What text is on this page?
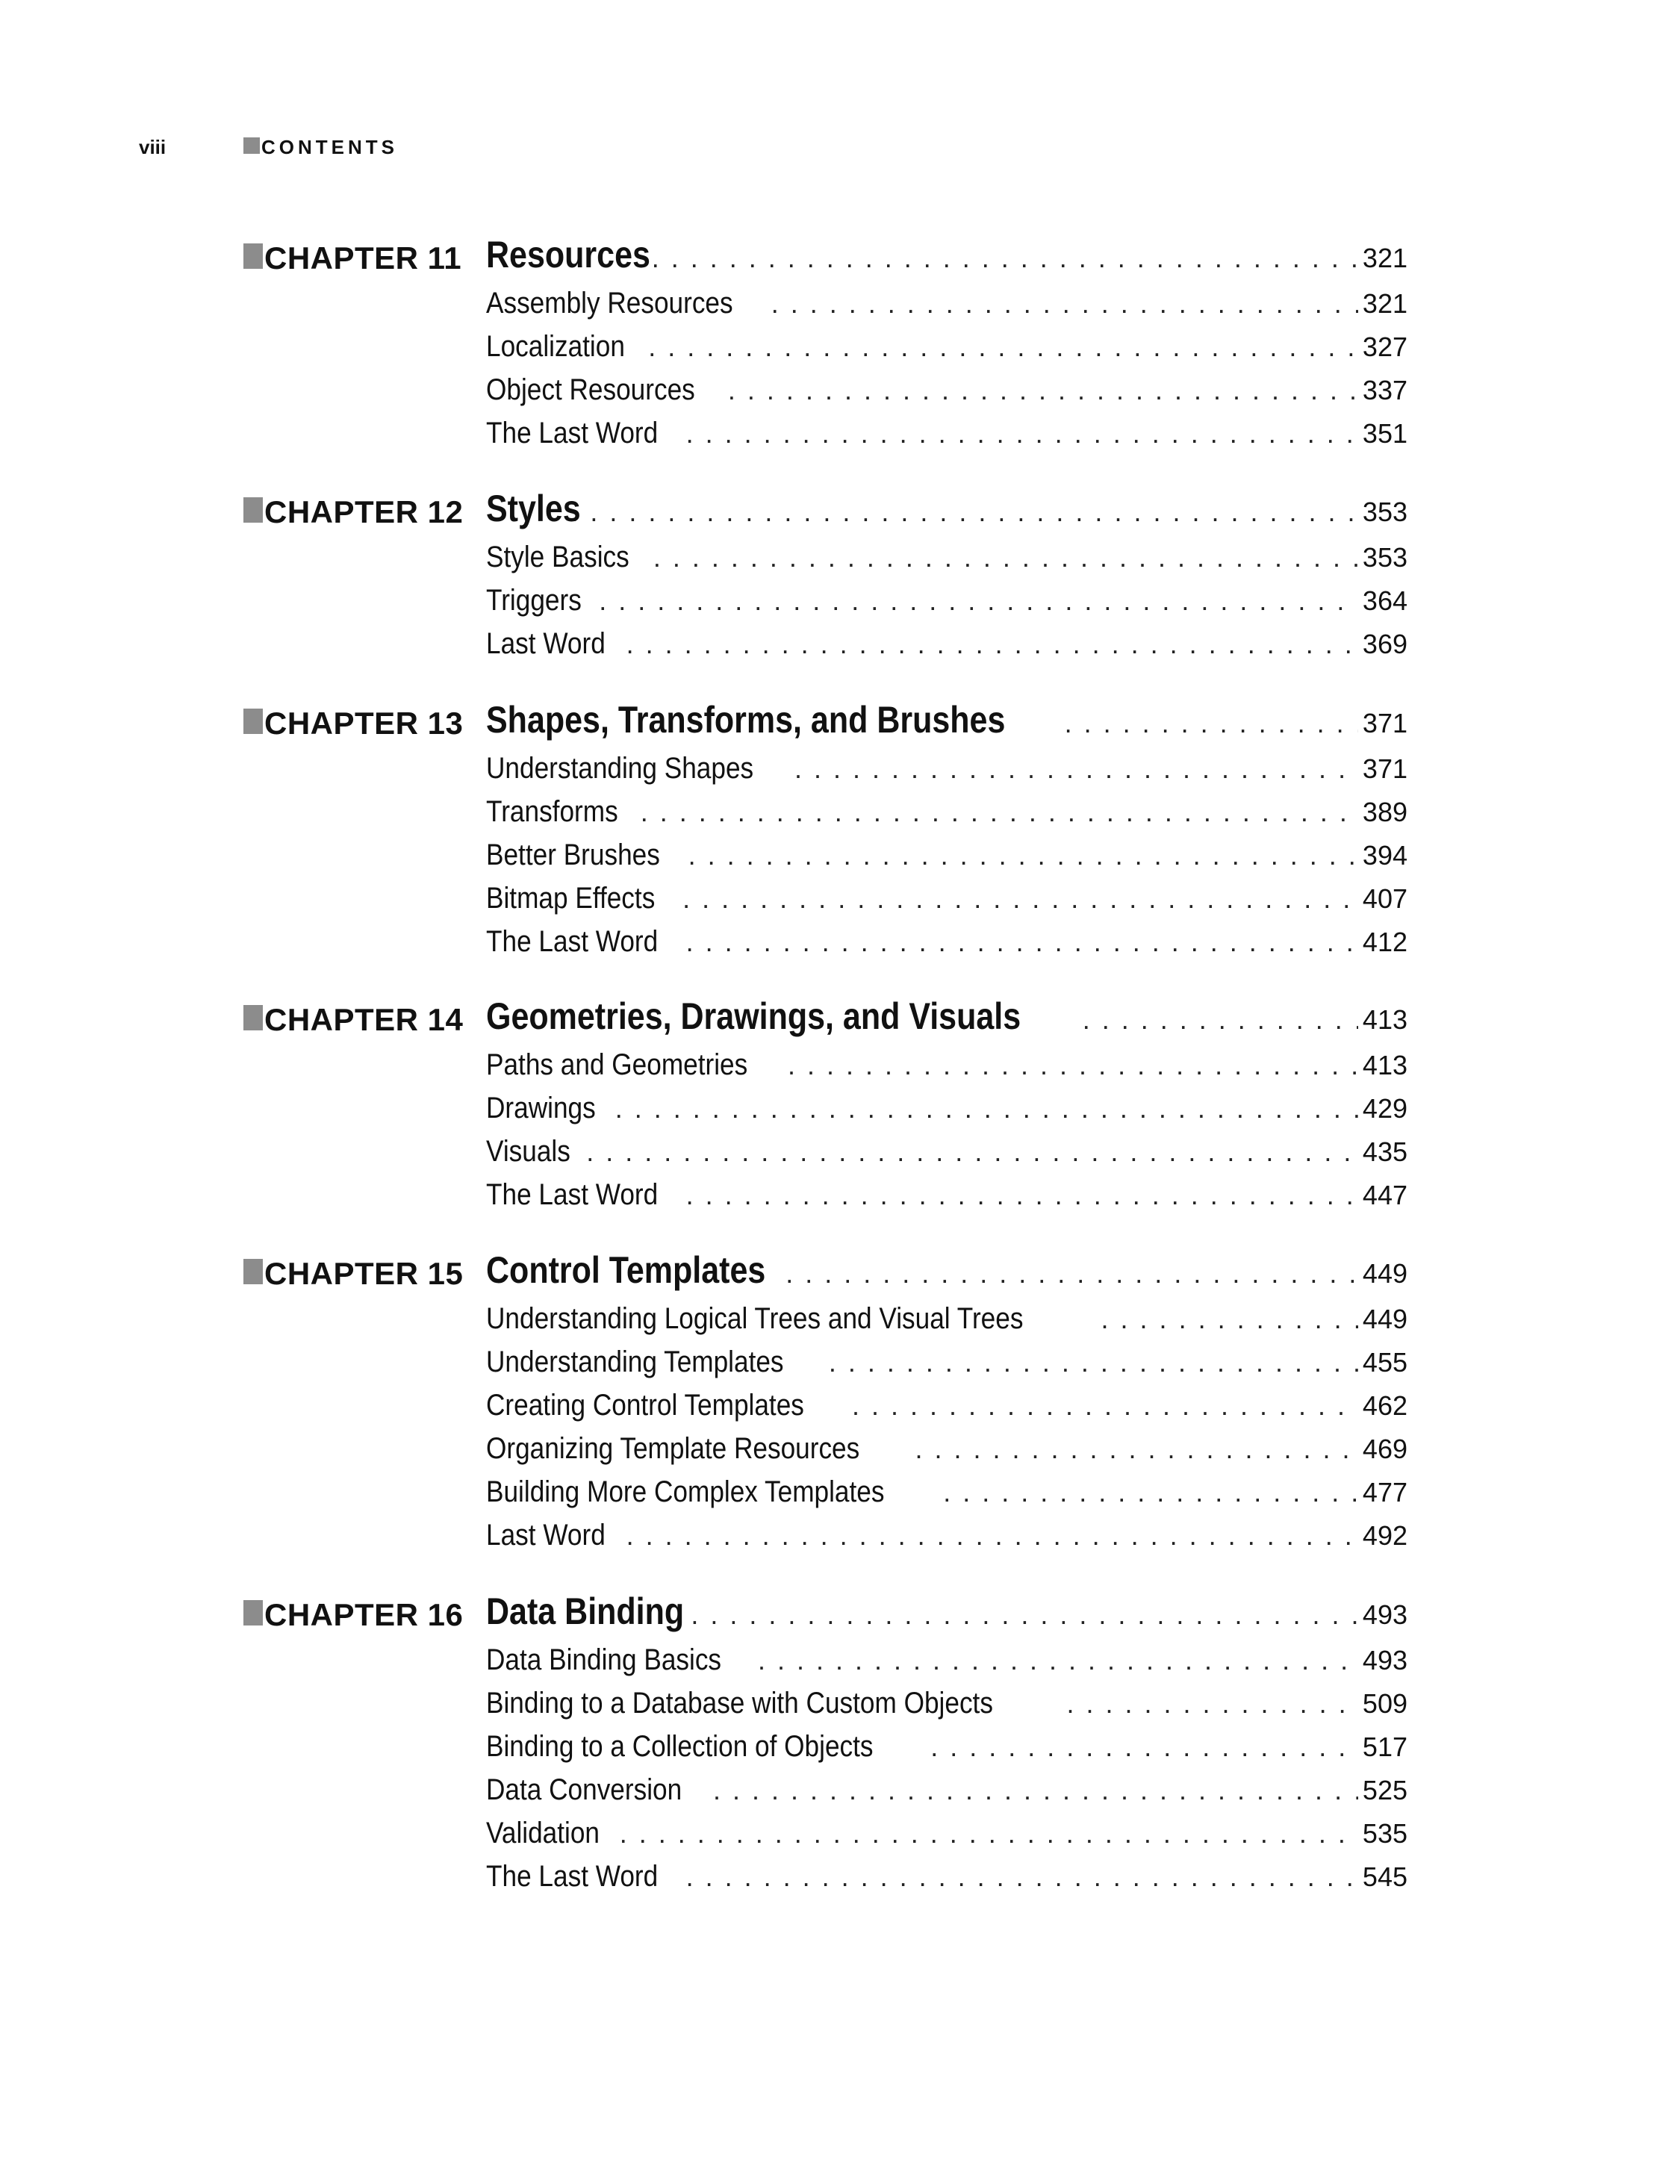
viii	CONTENTS
CHAPTER 11 Resources . . .	321
Assembly Resources . . .	321
Localization . . .	327
Object Resources . . .	337
The Last Word . . .	351
CHAPTER 12 Styles . . .	353
Style Basics . . .	353
Triggers . . .	364
Last Word . . .	369
CHAPTER 13 Shapes, Transforms, and Brushes . . .	371
Understanding Shapes . . .	371
Transforms . . .	389
Better Brushes . . .	394
Bitmap Effects . . .	407
The Last Word . . .	412
CHAPTER 14 Geometries, Drawings, and Visuals . . .	413
Paths and Geometries . . .	413
Drawings . . .	429
Visuals . . .	435
The Last Word . . .	447
CHAPTER 15 Control Templates . . .	449
Understanding Logical Trees and Visual Trees . . .	449
Understanding Templates . . .	455
Creating Control Templates . . .	462
Organizing Template Resources . . .	469
Building More Complex Templates . . .	477
Last Word . . .	492
CHAPTER 16 Data Binding . . .	493
Data Binding Basics . . .	493
Binding to a Database with Custom Objects . . .	509
Binding to a Collection of Objects . . .	517
Data Conversion . . .	525
Validation . . .	535
The Last Word . . .	545
